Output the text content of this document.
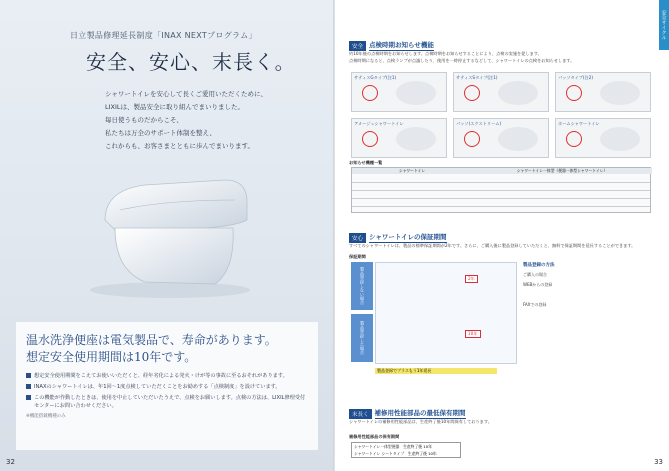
日立製品修理延長制度「INAX NEXTプログラム」
安全、安心、末長く。
シャワートイレを安心して長くご愛用いただくために、
LIXILは、製品安全に取り組んでまいりました。
毎日使うものだからこそ、
私たちは万全のサポート体制を整え、
これからも、お客さまとともに歩んでまいります。
温水洗浄便座は電気製品で、寿命があります。
想定安全使用期間は10年です。
想定安全使用期間をこえてお使いいただくと、経年劣化による発火・けが等の事故に至るおそれがあります。
INAXのシャワートイレは、年1回～1度点検していただくことをお勧めする「点検制度」を設けています。
この機能が作動したときは、使用を中止していただいたうえで、点検をお願いします。点検の方法は、LIXIL修理受付センターにお問い合わせください。
※機能搭載機種のみ
32
安全サイクル
安全 点検時期お知らせ機能
約10年後の点検時期をお知らせします。点検時期をお知らせすることにより、点検の実施を促します。
点検時期になると、点検ランプが点滅したり、使用を一時停止するなどして、シャワートイレの点検をお知らせします。
サティスGタイプ(注1)	サティスSタイプ(注1)	パッソタイプ(注2)
アメージュシャワートイレ	パッソ(エクストリーム)	ホームシャワートイレ
お知らせ機種一覧
シャワートイレ	シャワートイレ一体型（便器一体型シャワートイレ）
安心 シャワートイレの保証期間
すべてのシャワートイレは、製品の標準保証期間が2年です。さらに、ご購入後に製品登録していただくと、無料で保証期間を延長することができます。
保証期間
製品登録しない場合
製品登録した場合
2年
10年
製品登録の方法
ご購入の場合
WEBからの登録
FAXでの登録
製品登録でプラスもう1年延長
末長く 補修用性能部品の最低保有期間
シャワートイレの補修用性能部品は、生産終了後10年間保有しております。
補修用性能部品の保有期間
シャワートイレ一体型便器　生産終了後 10年
シャワートイレ シートタイプ　生産終了後 10年
33
